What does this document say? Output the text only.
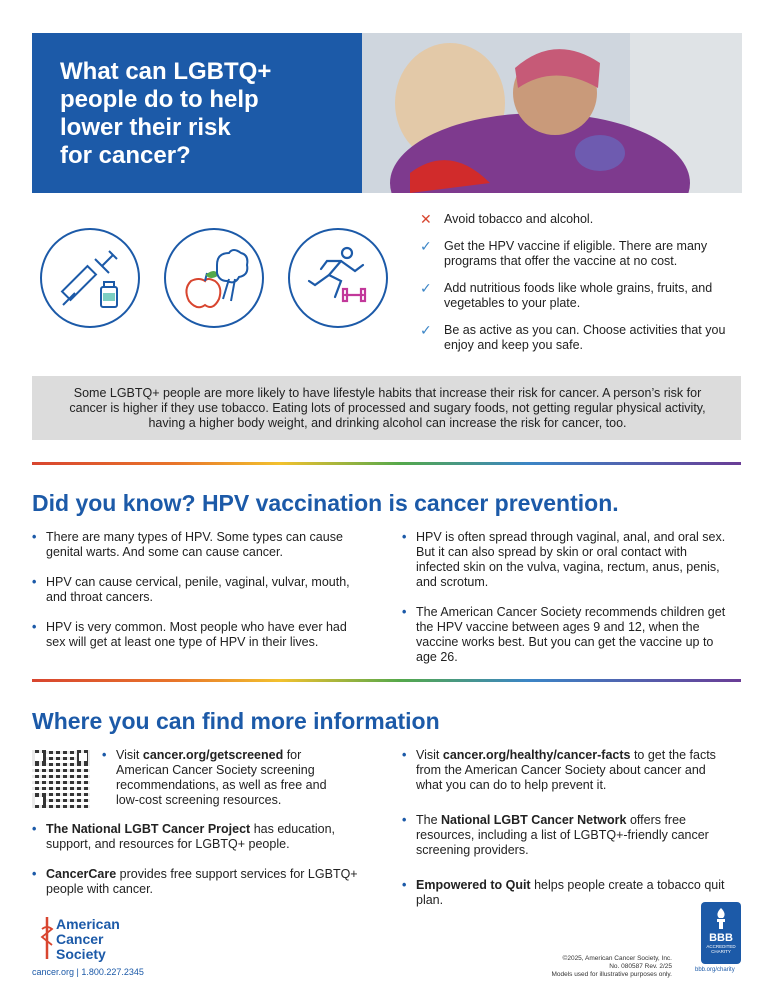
What can LGBTQ+
people do to help
lower their risk
for cancer?
✕ Avoid tobacco and alcohol.
✓ Get the HPV vaccine if eligible. There are many programs that offer the vaccine at no cost.
✓ Add nutritious foods like whole grains, fruits, and vegetables to your plate.
✓ Be as active as you can. Choose activities that you enjoy and keep you safe.
Some LGBTQ+ people are more likely to have lifestyle habits that increase their risk for cancer. A person’s risk for cancer is higher if they use tobacco. Eating lots of processed and sugary foods, not getting regular physical activity, having a higher body weight, and drinking alcohol can increase the risk for cancer, too.
Did you know? HPV vaccination is cancer prevention.
• There are many types of HPV. Some types can cause genital warts. And some can cause cancer.
• HPV can cause cervical, penile, vaginal, vulvar, mouth, and throat cancers.
• HPV is very common. Most people who have ever had sex will get at least one type of HPV in their lives.
• HPV is often spread through vaginal, anal, and oral sex. But it can also spread by skin or oral contact with infected skin on the vulva, vagina, rectum, anus, penis, and scrotum.
• The American Cancer Society recommends children get the HPV vaccine between ages 9 and 12, when the vaccine works best. But you can get the vaccine up to age 26.
Where you can find more information
• Visit cancer.org/getscreened for American Cancer Society screening recommendations, as well as free and low-cost screening resources.
• The National LGBT Cancer Project has education, support, and resources for LGBTQ+ people.
• CancerCare provides free support services for LGBTQ+ people with cancer.
• Visit cancer.org/healthy/cancer-facts to get the facts from the American Cancer Society about cancer and what you can do to help prevent it.
• The National LGBT Cancer Network offers free resources, including a list of LGBTQ+-friendly cancer screening providers.
• Empowered to Quit helps people create a tobacco quit plan.
American
Cancer
Society
cancer.org | 1.800.227.2345
©2025, American Cancer Society, Inc.
No. 080587 Rev. 2/25
Models used for illustrative purposes only.
BBB
ACCREDITED CHARITY
bbb.org/charity
